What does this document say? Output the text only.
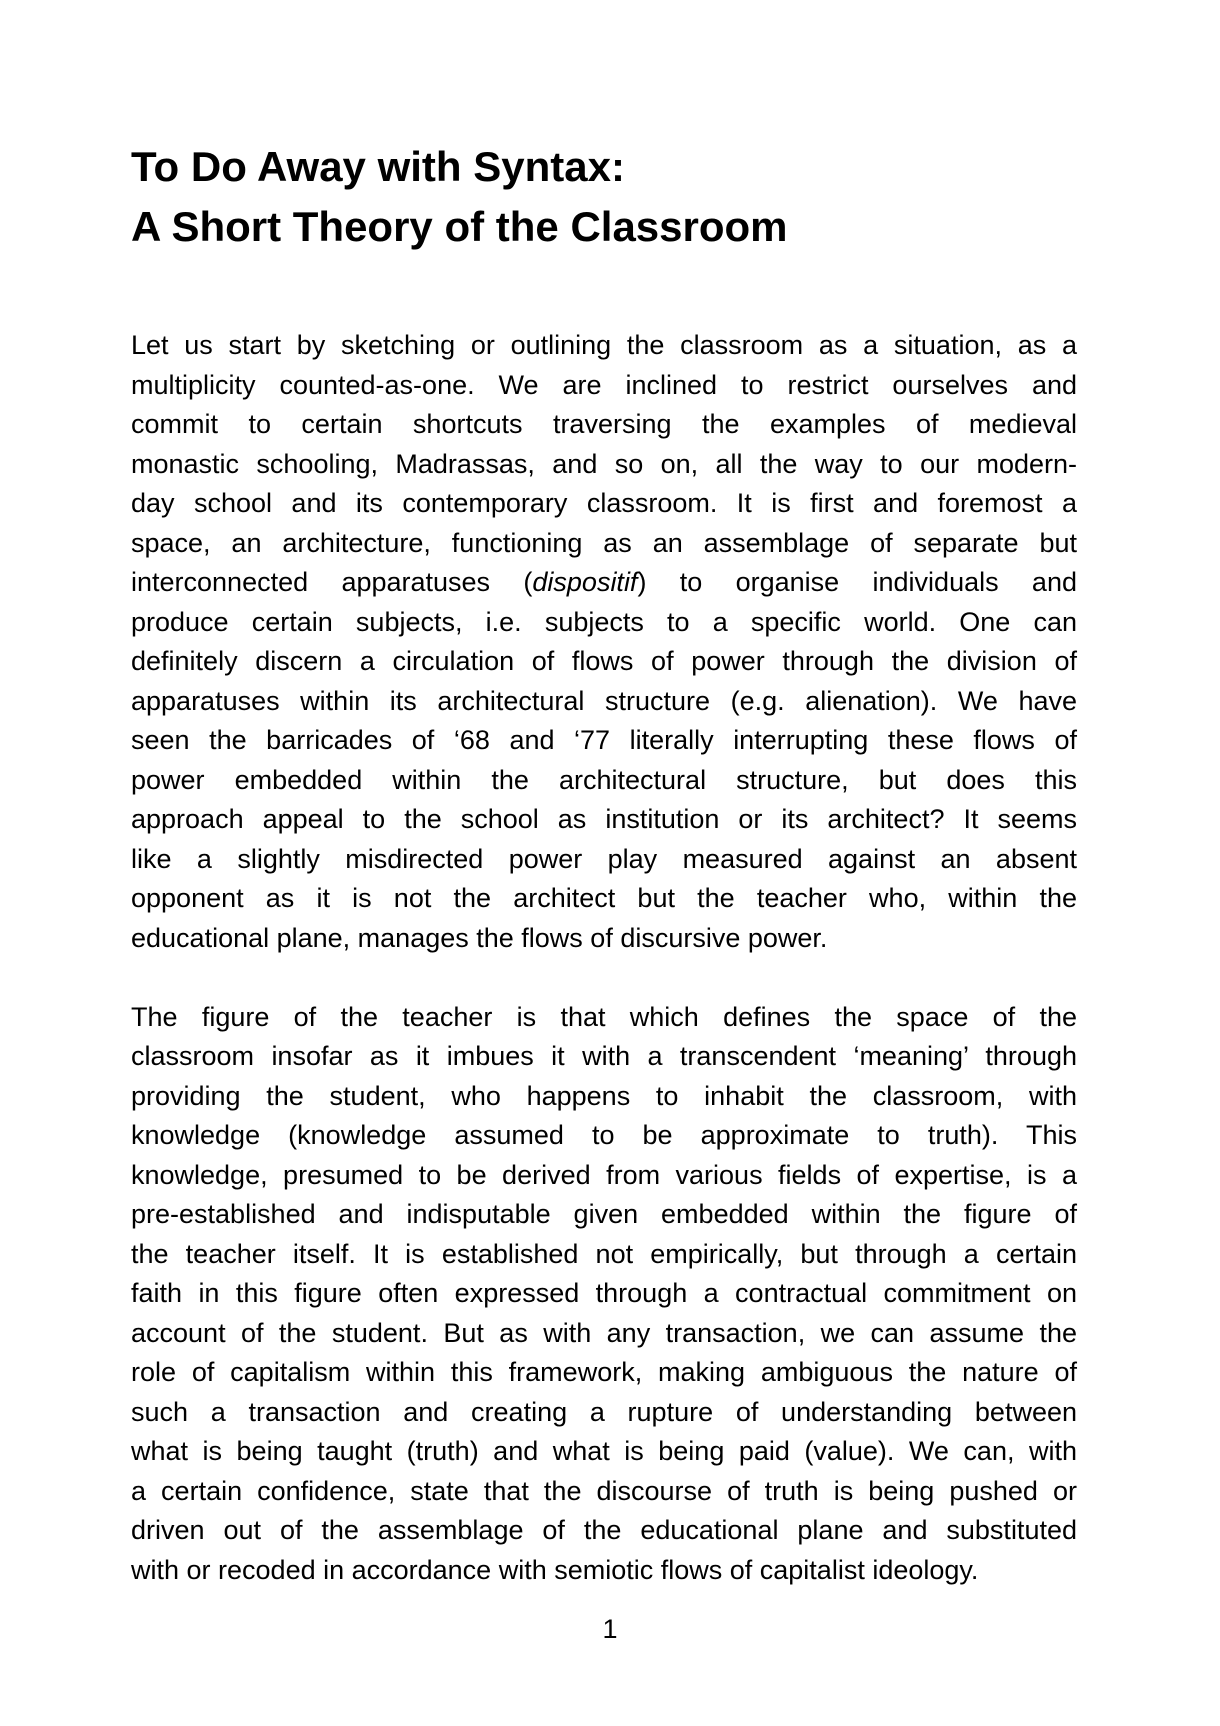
To Do Away with Syntax:
A Short Theory of the Classroom
Let us start by sketching or outlining the classroom as a situation, as a
multiplicity counted-as-one. We are inclined to restrict ourselves and
commit to certain shortcuts traversing the examples of medieval
monastic schooling, Madrassas, and so on, all the way to our modern-
day school and its contemporary classroom. It is first and foremost a
space, an architecture, functioning as an assemblage of separate but
interconnected apparatuses (dispositif) to organise individuals and
produce certain subjects, i.e. subjects to a specific world. One can
definitely discern a circulation of flows of power through the division of
apparatuses within its architectural structure (e.g. alienation). We have
seen the barricades of ‘68 and ‘77 literally interrupting these flows of
power embedded within the architectural structure, but does this
approach appeal to the school as institution or its architect? It seems
like a slightly misdirected power play measured against an absent
opponent as it is not the architect but the teacher who, within the
educational plane, manages the flows of discursive power.
The figure of the teacher is that which defines the space of the
classroom insofar as it imbues it with a transcendent ‘meaning’ through
providing the student, who happens to inhabit the classroom, with
knowledge (knowledge assumed to be approximate to truth). This
knowledge, presumed to be derived from various fields of expertise, is a
pre-established and indisputable given embedded within the figure of
the teacher itself. It is established not empirically, but through a certain
faith in this figure often expressed through a contractual commitment on
account of the student. But as with any transaction, we can assume the
role of capitalism within this framework, making ambiguous the nature of
such a transaction and creating a rupture of understanding between
what is being taught (truth) and what is being paid (value). We can, with
a certain confidence, state that the discourse of truth is being pushed or
driven out of the assemblage of the educational plane and substituted
with or recoded in accordance with semiotic flows of capitalist ideology.
1
